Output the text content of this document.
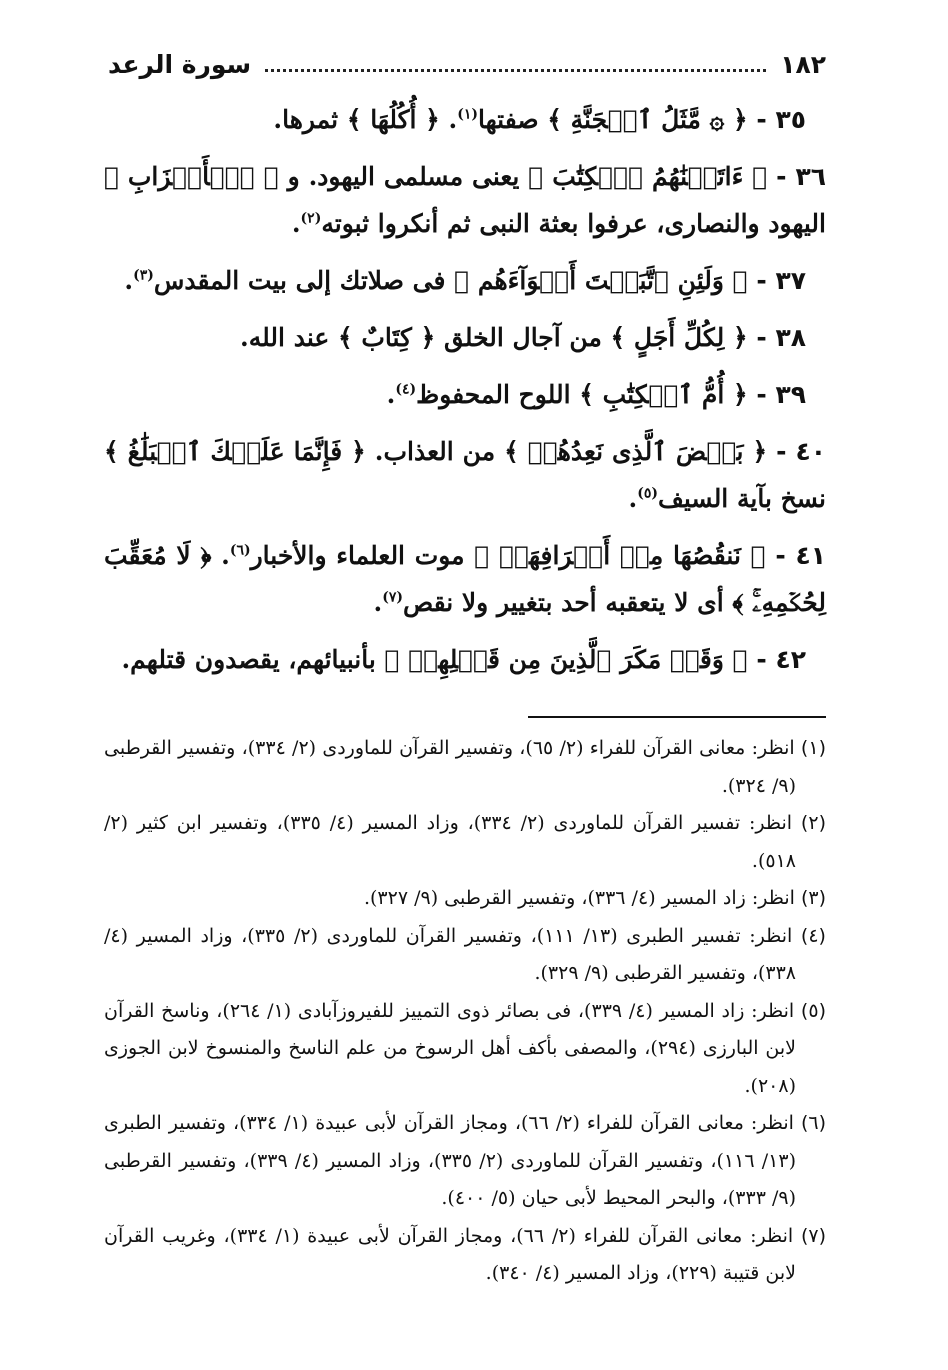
١٨٢
سورة الرعد

٣٥ - ﴿ ۞ مَّثَلُ ٱلۡجَنَّةِ ﴾ صفتها$^{(١)}$. ﴿ أُكُلُهَا ﴾ ثمرها.

٣٦ - ﴿ ءَاتَيۡنَٰهُمُ ٱلۡكِتَٰبَ ﴾ يعنى مسلمى اليهود. و ﴿ ٱلۡأَحۡزَابِ ﴾ اليهود والنصارى، عرفوا بعثة النبى ثم أنكروا ثبوته$^{(٢)}$.

٣٧ - ﴿ وَلَئِنِ ٱتَّبَعۡتَ أَهۡوَآءَهُم ﴾ فى صلاتك إلى بيت المقدس$^{(٣)}$.

٣٨ - ﴿ لِكُلِّ أَجَلٍ ﴾ من آجال الخلق ﴿ كِتَابٌ ﴾ عند الله.

٣٩ - ﴿ أُمُّ ٱلۡكِتَٰبِ ﴾ اللوح المحفوظ$^{(٤)}$.

٤٠ - ﴿ بَعۡضَ ٱلَّذِى نَعِدُهُمۡ ﴾ من العذاب. ﴿ فَإِنَّمَا عَلَيۡكَ ٱلۡبَلَٰغُ ﴾ نسخ بآية السيف$^{(٥)}$.

٤١ - ﴿ نَنقُصُهَا مِنۡ أَطۡرَافِهَاۚ ﴾ موت العلماء والأخبار$^{(٦)}$. ﴿ لَا مُعَقِّبَ لِحُكۡمِهِۦۚ ﴾ أى لا يتعقبه أحد بتغيير ولا نقص$^{(٧)}$.

٤٢ - ﴿ وَقَدۡ مَكَرَ ٱلَّذِينَ مِن قَبۡلِهِمۡ ﴾ بأنبيائهم، يقصدون قتلهم.

(١) انظر: معانى القرآن للفراء (٢/ ٦٥)، وتفسير القرآن للماوردى (٢/ ٣٣٤)، وتفسير القرطبى (٩/ ٣٢٤).

(٢) انظر: تفسير القرآن للماوردى (٢/ ٣٣٤)، وزاد المسير (٤/ ٣٣٥)، وتفسير ابن كثير (٢/ ٥١٨).

(٣) انظر: زاد المسير (٤/ ٣٣٦)، وتفسير القرطبى (٩/ ٣٢٧).

(٤) انظر: تفسير الطبرى (١٣/ ١١١)، وتفسير القرآن للماوردى (٢/ ٣٣٥)، وزاد المسير (٤/ ٣٣٨)، وتفسير القرطبى (٩/ ٣٢٩).

(٥) انظر: زاد المسير (٤/ ٣٣٩)، فى بصائر ذوى التمييز للفيروزآبادى (١/ ٢٦٤)، وناسخ القرآن لابن البارزى (٢٩٤)، والمصفى بأكف أهل الرسوخ من علم الناسخ والمنسوخ لابن الجوزى (٢٠٨).

(٦) انظر: معانى القرآن للفراء (٢/ ٦٦)، ومجاز القرآن لأبى عبيدة (١/ ٣٣٤)، وتفسير الطبرى (١٣/ ١١٦)، وتفسير القرآن للماوردى (٢/ ٣٣٥)، وزاد المسير (٤/ ٣٣٩)، وتفسير القرطبى (٩/ ٣٣٣)، والبحر المحيط لأبى حيان (٥/ ٤٠٠).

(٧) انظر: معانى القرآن للفراء (٢/ ٦٦)، ومجاز القرآن لأبى عبيدة (١/ ٣٣٤)، وغريب القرآن لابن قتيبة (٢٢٩)، وزاد المسير (٤/ ٣٤٠).
